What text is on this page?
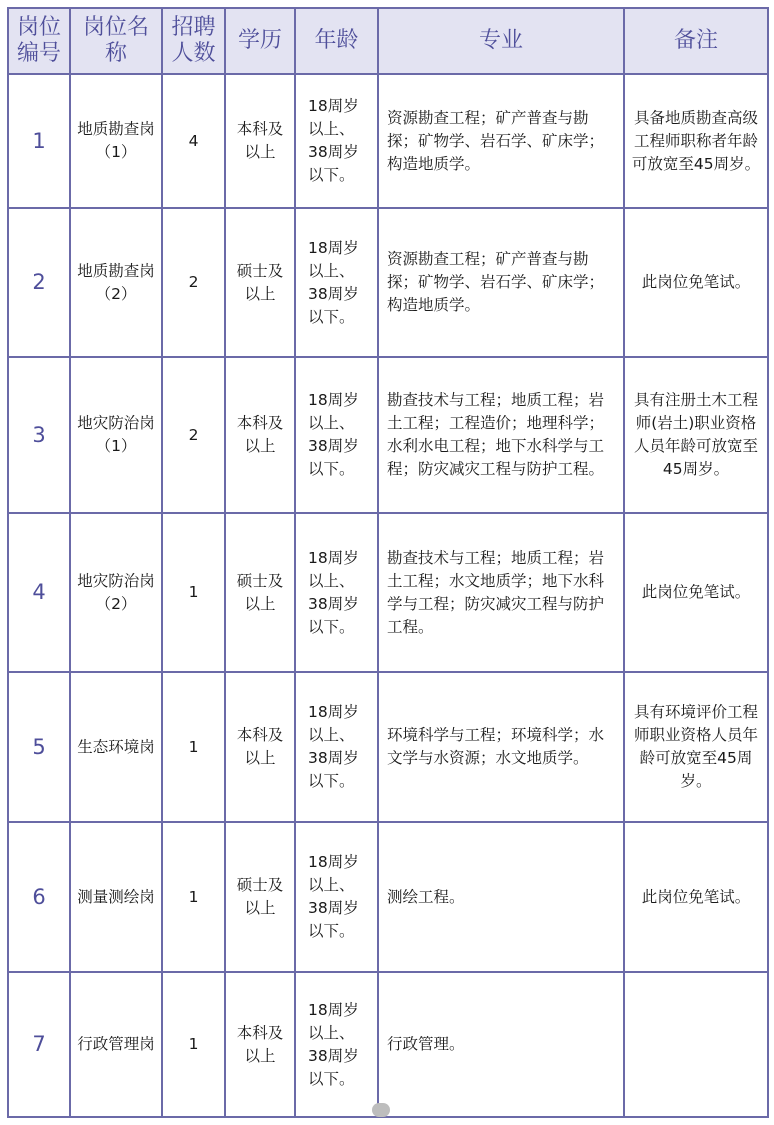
岗位编号	岗位名称	招聘人数	学历	年龄	专业	备注
1	地质勘查岗（1）	4	本科及以上	18周岁以上、38周岁以下。	资源勘查工程；矿产普查与勘探；矿物学、岩石学、矿床学；构造地质学。	具备地质勘查高级工程师职称者年龄可放宽至45周岁。
2	地质勘查岗（2）	2	硕士及以上	18周岁以上、38周岁以下。	资源勘查工程；矿产普查与勘探；矿物学、岩石学、矿床学；构造地质学。	此岗位免笔试。
3	地灾防治岗（1）	2	本科及以上	18周岁以上、38周岁以下。	勘查技术与工程；地质工程；岩土工程；工程造价；地理科学；水利水电工程；地下水科学与工程；防灾减灾工程与防护工程。	具有注册土木工程师(岩土)职业资格人员年龄可放宽至45周岁。
4	地灾防治岗（2）	1	硕士及以上	18周岁以上、38周岁以下。	勘查技术与工程；地质工程；岩土工程；水文地质学；地下水科学与工程；防灾减灾工程与防护工程。	此岗位免笔试。
5	生态环境岗	1	本科及以上	18周岁以上、38周岁以下。	环境科学与工程；环境科学；水文学与水资源；水文地质学。	具有环境评价工程师职业资格人员年龄可放宽至45周岁。
6	测量测绘岗	1	硕士及以上	18周岁以上、38周岁以下。	测绘工程。	此岗位免笔试。
7	行政管理岗	1	本科及以上	18周岁以上、38周岁以下。	行政管理。	
